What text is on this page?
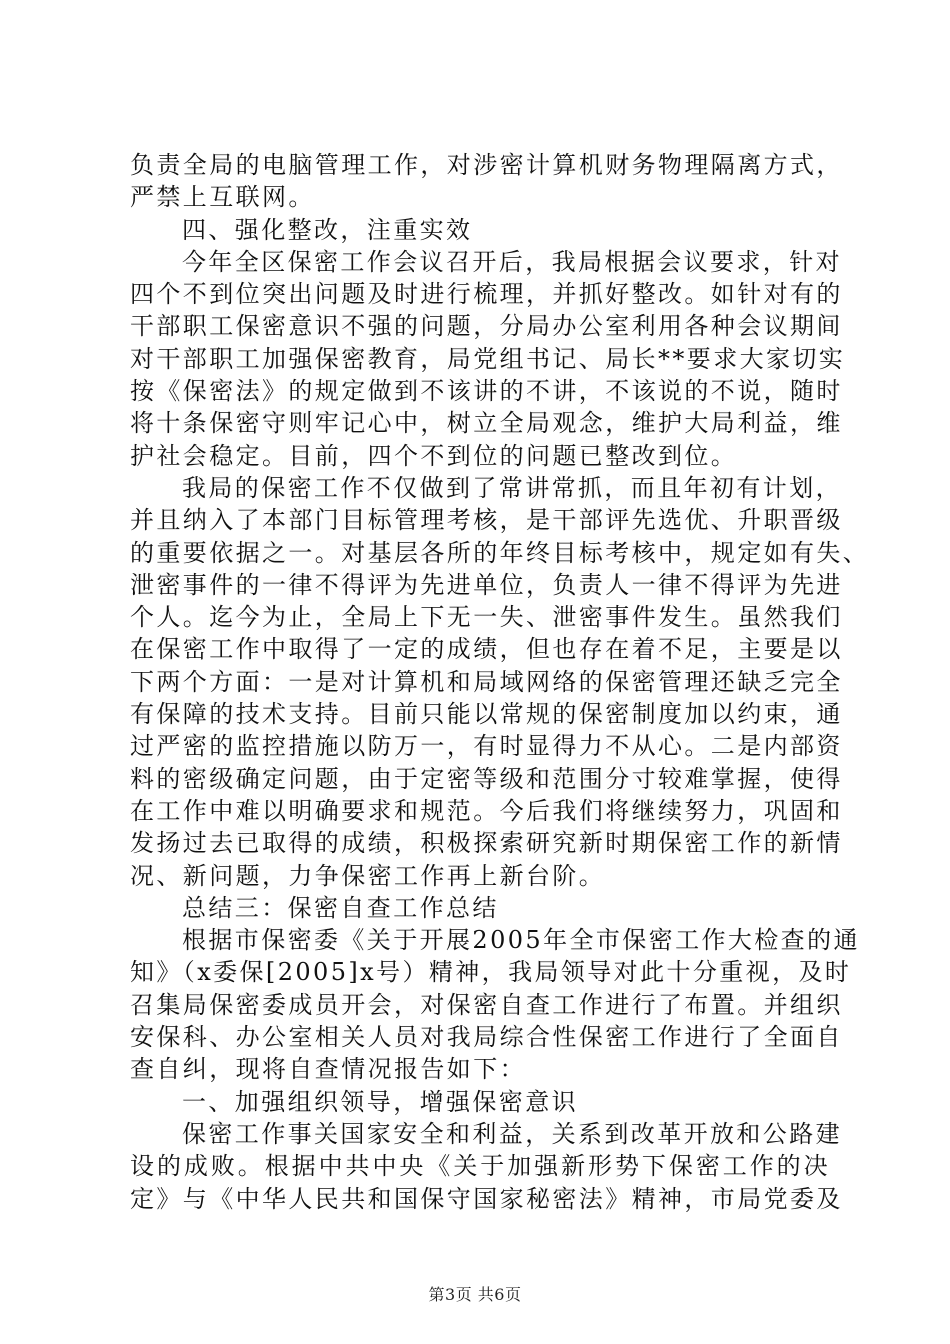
负责全局的电脑管理工作，对涉密计算机财务物理隔离方式，
严禁上互联网。
四、强化整改，注重实效
今年全区保密工作会议召开后，我局根据会议要求，针对
四个不到位突出问题及时进行梳理，并抓好整改。如针对有的
干部职工保密意识不强的问题，分局办公室利用各种会议期间
对干部职工加强保密教育，局党组书记、局长**要求大家切实
按《保密法》的规定做到不该讲的不讲，不该说的不说，随时
将十条保密守则牢记心中，树立全局观念，维护大局利益，维
护社会稳定。目前，四个不到位的问题已整改到位。
我局的保密工作不仅做到了常讲常抓，而且年初有计划，
并且纳入了本部门目标管理考核，是干部评先选优、升职晋级
的重要依据之一。对基层各所的年终目标考核中，规定如有失、
泄密事件的一律不得评为先进单位，负责人一律不得评为先进
个人。迄今为止，全局上下无一失、泄密事件发生。虽然我们
在保密工作中取得了一定的成绩，但也存在着不足，主要是以
下两个方面：一是对计算机和局域网络的保密管理还缺乏完全
有保障的技术支持。目前只能以常规的保密制度加以约束，通
过严密的监控措施以防万一，有时显得力不从心。二是内部资
料的密级确定问题，由于定密等级和范围分寸较难掌握，使得
在工作中难以明确要求和规范。今后我们将继续努力，巩固和
发扬过去已取得的成绩，积极探索研究新时期保密工作的新情
况、新问题，力争保密工作再上新台阶。
总结三：保密自查工作总结
根据市保密委《关于开展2005年全市保密工作大检查的通
知》（x委保[2005]x号）精神，我局领导对此十分重视，及时
召集局保密委成员开会，对保密自查工作进行了布置。并组织
安保科、办公室相关人员对我局综合性保密工作进行了全面自
查自纠，现将自查情况报告如下：
一、加强组织领导，增强保密意识
保密工作事关国家安全和利益，关系到改革开放和公路建
设的成败。根据中共中央《关于加强新形势下保密工作的决
定》与《中华人民共和国保守国家秘密法》精神，市局党委及
第3页 共6页
